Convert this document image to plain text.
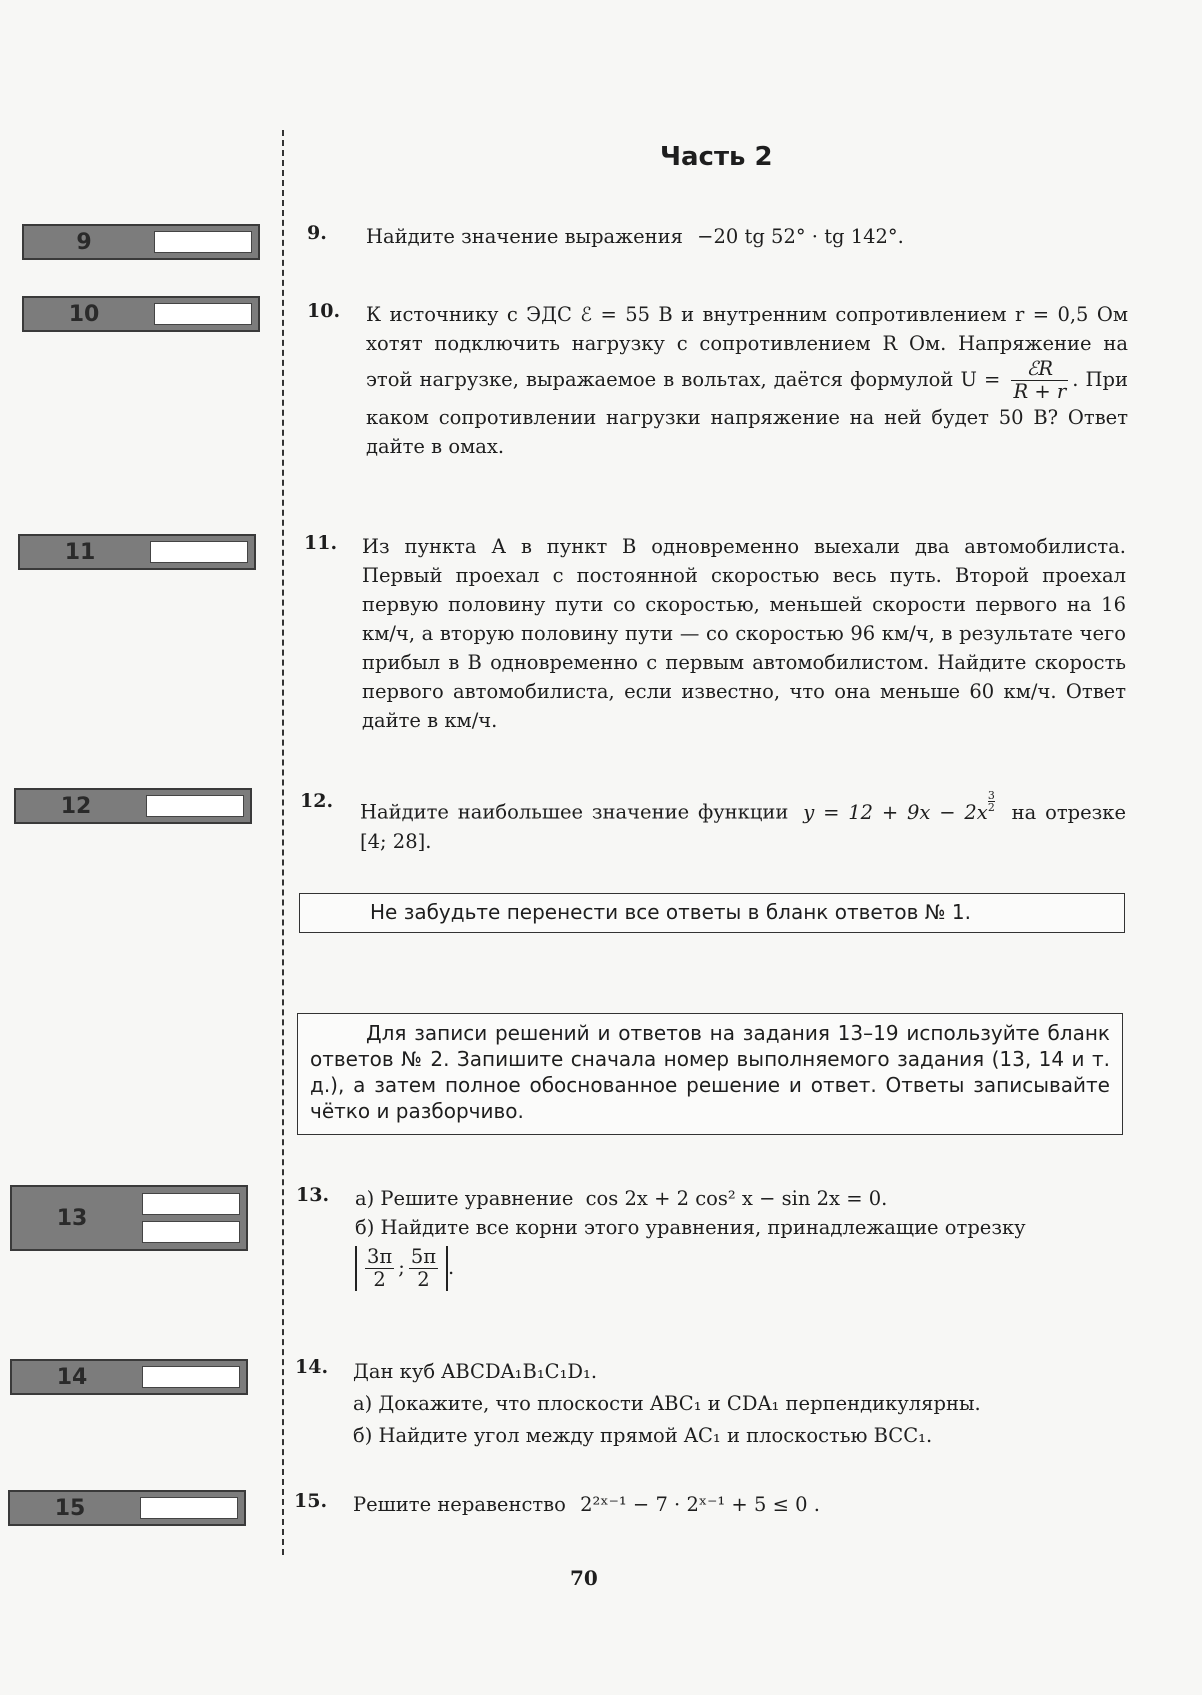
Часть 2
9
10
11
12
13
14
15
9. Найдите значение выражения −20 tg 52° · tg 142°.
10. К источнику с ЭДС ℰ = 55 В и внутренним сопротивлением r = 0,5 Ом хотят подключить нагрузку с сопротивлением R Ом. Напряжение на этой нагрузке, выражаемое в вольтах, даётся формулой $U = \frac{\text{ℰR}}{R + r}$ . При каком сопротивлении нагрузки напряжение на ней будет 50 В? Ответ дайте в омах.
11. Из пункта А в пункт В одновременно выехали два автомобилиста. Первый проехал с постоянной скоростью весь путь. Второй проехал первую половину пути со скоростью, меньшей скорости первого на 16 км/ч, а вторую половину пути — со скоростью 96 км/ч, в результате чего прибыл в В одновременно с первым автомобилистом. Найдите скорость первого автомобилиста, если известно, что она меньше 60 км/ч. Ответ дайте в км/ч.
12. Найдите наибольшее значение функции $y = 12 + 9x - 2x \frac{3}{2}$ на отрезке [4; 28].
Не забудьте перенести все ответы в бланк ответов № 1.
Для записи решений и ответов на задания 13–19 используйте бланк ответов № 2. Запишите сначала номер выполняемого задания (13, 14 и т. д.), а затем полное обоснованное решение и ответ. Ответы записывайте чётко и разборчиво.
13. а) Решите уравнение cos 2x + 2 cos² x − sin 2x = 0.
б) Найдите все корни этого уравнения, принадлежащие отрезку
$\frac{3\pi}{2}$ ; $\frac{5\pi}{2}$ .
14. Дан куб ABCDA₁B₁C₁D₁.
а) Докажите, что плоскости ABC₁ и CDA₁ перпендикулярны.
б) Найдите угол между прямой AC₁ и плоскостью BCC₁.
15. Решите неравенство 2²ˣ⁻¹ − 7 · 2ˣ⁻¹ + 5 ≤ 0 .
70
